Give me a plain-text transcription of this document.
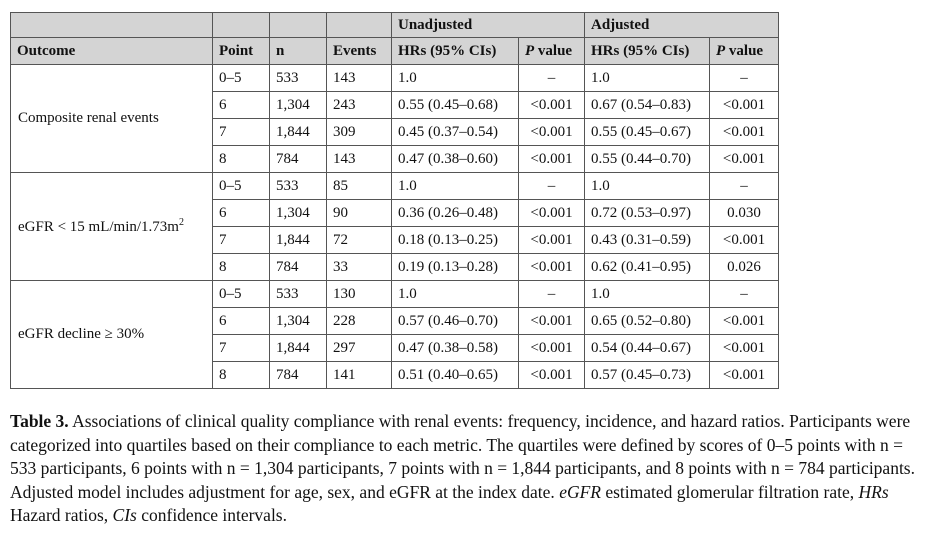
				Unadjusted		Adjusted	
Outcome	Point	n	Events	HRs (95% CIs)	P value	HRs (95% CIs)	P value
Composite renal events	0–5	533	143	1.0	–	1.0	–
	6	1,304	243	0.55 (0.45–0.68)	<0.001	0.67 (0.54–0.83)	<0.001
	7	1,844	309	0.45 (0.37–0.54)	<0.001	0.55 (0.45–0.67)	<0.001
	8	784	143	0.47 (0.38–0.60)	<0.001	0.55 (0.44–0.70)	<0.001
eGFR < 15 $mL/\min/1.73m^2$	0–5	533	85	1.0	–	1.0	–
	6	1,304	90	0.36 (0.26–0.48)	<0.001	0.72 (0.53–0.97)	0.030
	7	1,844	72	0.18 (0.13–0.25)	<0.001	0.43 (0.31–0.59)	<0.001
	8	784	33	0.19 (0.13–0.28)	<0.001	0.62 (0.41–0.95)	0.026
eGFR decline ≥ 30%	0–5	533	130	1.0	–	1.0	–
	6	1,304	228	0.57 (0.46–0.70)	<0.001	0.65 (0.52–0.80)	<0.001
	7	1,844	297	0.47 (0.38–0.58)	<0.001	0.54 (0.44–0.67)	<0.001
	8	784	141	0.51 (0.40–0.65)	<0.001	0.57 (0.45–0.73)	<0.001
Table 3. Associations of clinical quality compliance with renal events: frequency, incidence, and hazard ratios. Participants were categorized into quartiles based on their compliance to each metric. The quartiles were defined by scores of 0–5 points with n = 533 participants, 6 points with n = 1,304 participants, 7 points with n = 1,844 participants, and 8 points with n = 784 participants. Adjusted model includes adjustment for age, sex, and eGFR at the index date. eGFR estimated glomerular filtration rate, HRs Hazard ratios, CIs confidence intervals.
